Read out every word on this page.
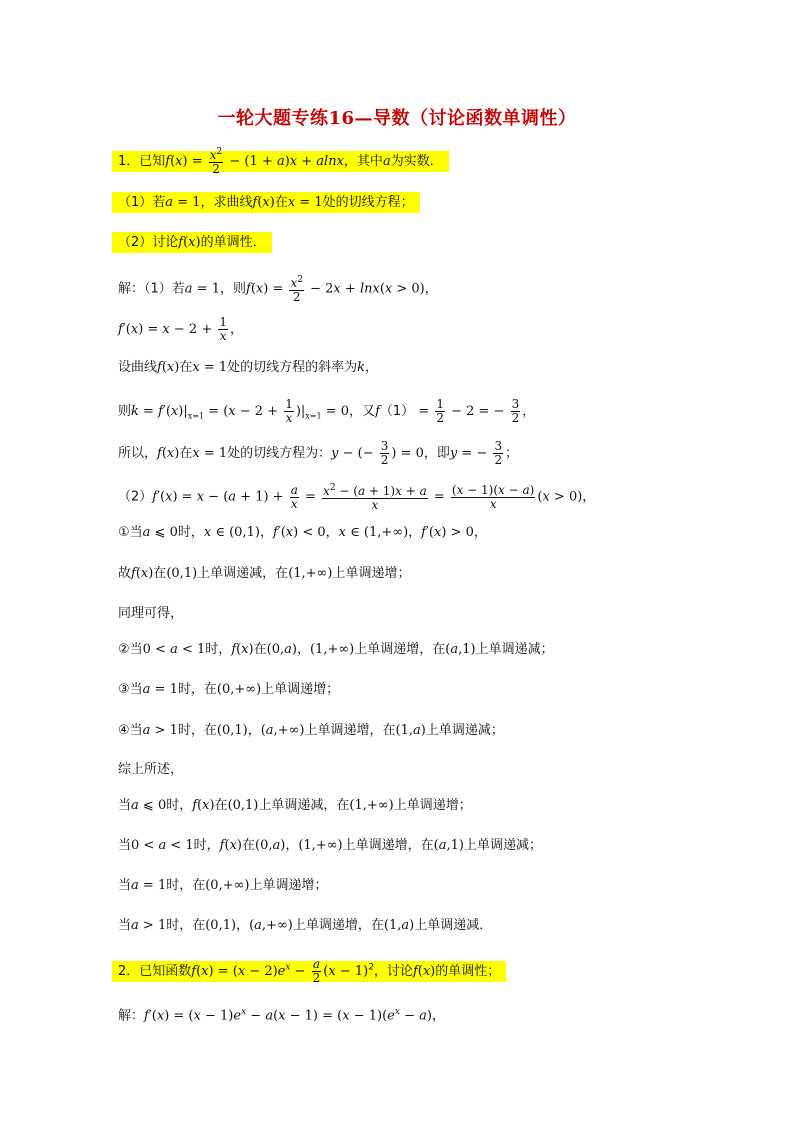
一轮大题专练16—导数（讨论函数单调性）
1．已知$f(x) = \frac{x^2}{2} - (1 + a)x + alnx$，其中a为实数．
（1）若a = 1，求曲线f(x)在x = 1处的切线方程；
（2）讨论f(x)的单调性．
解：（1）若a = 1，则$f(x) = \frac{x^2}{2} - 2x + \ln x(x > 0)$，
$f'(x) = x - 2 + \frac{1}{x}$ ，
设曲线f(x)在x = 1处的切线方程的斜率为k，
则$k = f'(x)|_{x=1} = (x - 2 + \frac{1}{x} )|_{x=1} = 0$，又$f(1) = \frac{1}{2} - 2$ = − $\frac{3}{2}$ ，
所以，f(x)在x = 1处的切线方程为：y − (− $\frac{3}{2}$ ) = 0，即y = − $\frac{3}{2}$ ；
$(2)f'(x) = x - (a + 1) + \frac{a}{x} = \frac{x^2 - (a + 1)x + a}{x} = \frac{(x - 1)(x - a)}{x} (x > 0)$，
①当a ⩽ 0时，x ∈ (0,1)，f′(x) < 0，x ∈ (1,+∞)，f′(x) > 0，
故f(x)在(0,1)上单调递减，在(1,+∞)上单调递增；
同理可得，
②当0 < a < 1时，f(x)在(0,a)，(1,+∞)上单调递增，在(a,1)上单调递减；
③当a = 1时，在(0,+∞)上单调递增；
④当a > 1时，在(0,1)，(a,+∞)上单调递增，在(1,a)上单调递减；
综上所述，
当a ⩽ 0时，f(x)在(0,1)上单调递减，在(1,+∞)上单调递增；
当0 < a < 1时，f(x)在(0,a)，(1,+∞)上单调递增，在(a,1)上单调递减；
当a = 1时，在(0,+∞)上单调递增；
当a > 1时，在(0,1)，(a,+∞)上单调递增，在(1,a)上单调递减．
2．已知函数$f(x) = (x - 2)e^x - \frac{a}{2} (x - 1)^2$，讨论f(x)的单调性；
解：$f'(x) = (x - 1)e^x - a(x - 1) = (x - 1)(e^x - a)$，
